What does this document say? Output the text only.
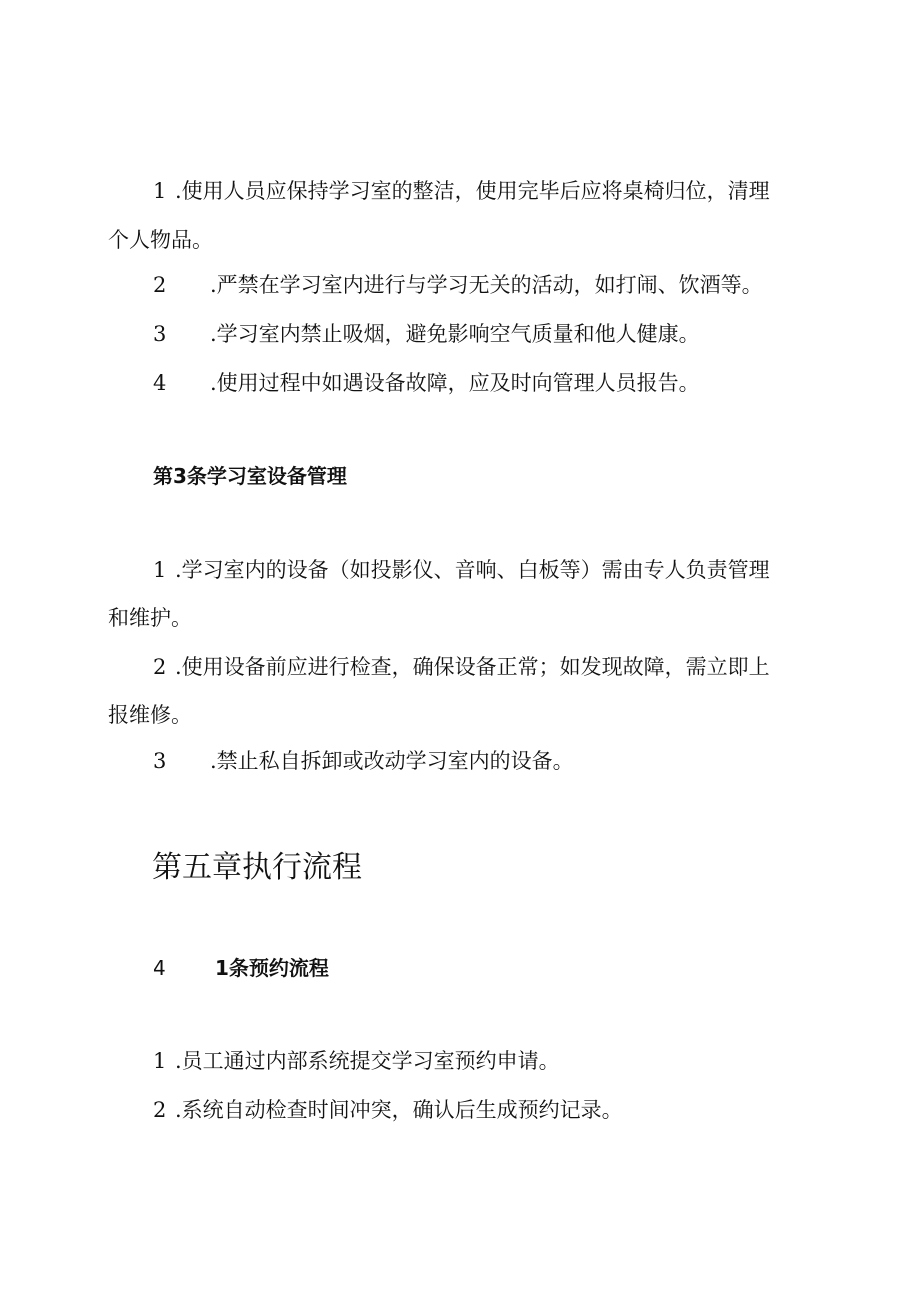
1 .使用人员应保持学习室的整洁，使用完毕后应将桌椅归位，清理
个人物品。
2 .严禁在学习室内进行与学习无关的活动，如打闹、饮酒等。
3 .学习室内禁止吸烟，避免影响空气质量和他人健康。
4 .使用过程中如遇设备故障，应及时向管理人员报告。
第3条学习室设备管理
1 .学习室内的设备（如投影仪、音响、白板等）需由专人负责管理
和维护。
2 .使用设备前应进行检查，确保设备正常；如发现故障，需立即上
报维修。
3 .禁止私自拆卸或改动学习室内的设备。
第五章执行流程
4 1条预约流程
1 .员工通过内部系统提交学习室预约申请。
2 .系统自动检查时间冲突，确认后生成预约记录。
